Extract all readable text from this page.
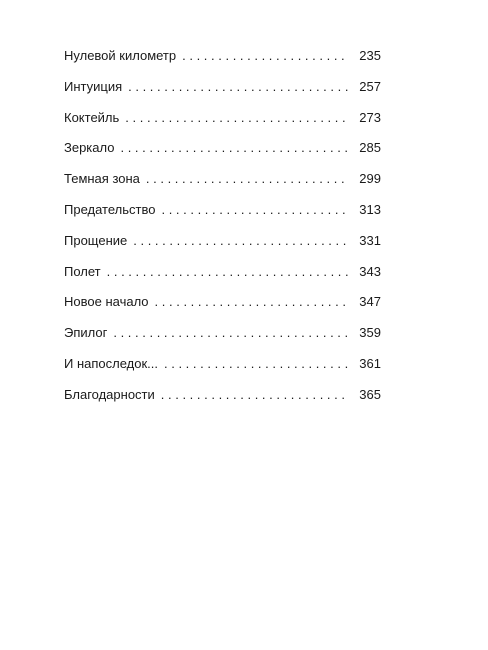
Нулевой километр . . .	235
Интуиция . . .	257
Коктейль . . .	273
Зеркало . . .	285
Темная зона . . .	299
Предательство . . .	313
Прощение . . .	331
Полет . . .	343
Новое начало . . .	347
Эпилог . . .	359
И напоследок... . . .	361
Благодарности . . .	365
